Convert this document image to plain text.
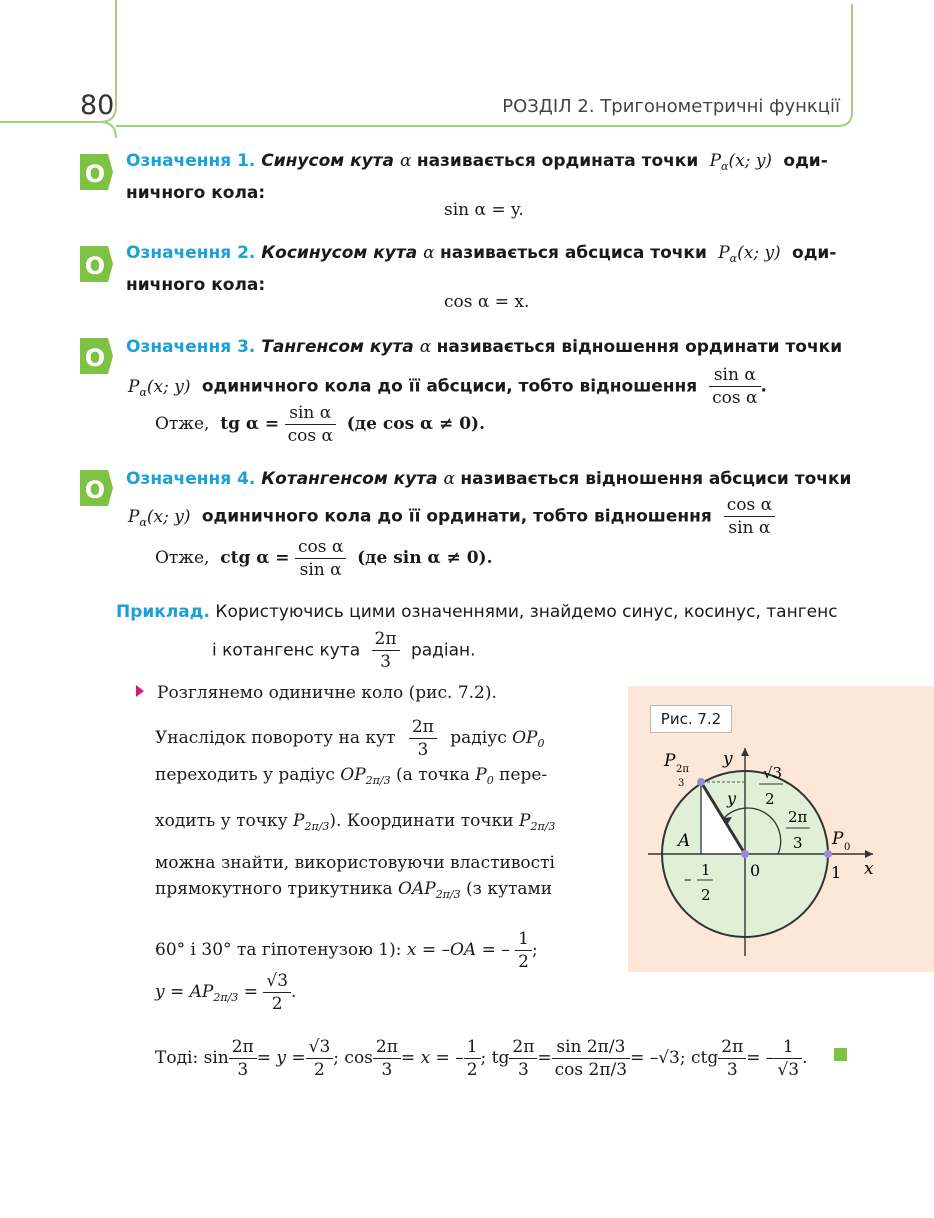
80	РОЗДІЛ 2. Тригонометричні функції
O
O
O
O
Означення 1. Синусом кута α називається ордината точки  $P_\alpha(x$; y)  оди-
ничного кола:
sin α = y.
Означення 2. Косинусом кута α називається абсциса точки  $P_\alpha(x$; y)  оди-
ничного кола:
cos α = x.
Означення 3. Тангенсом кута α називається відношення ординати точки
$P_\alpha(x$; y)  одиничного кола до її абсциси, тобто відношення $\frac{\text{sin α}}{\text{cos α}}$ .
Отже, tg $\alpha = \frac{\text{sin α}}{\text{cos α}} (де$ cos α ≠ 0).
Означення 4. Котангенсом кута α називається відношення абсциси точки
$P_\alpha(x$; y)  одиничного кола до її ординати, тобто відношення $\frac{\text{cos α}}{\text{sin α}}$
Отже, ctg $\alpha = \frac{\text{cos α}}{\text{sin α}} (де$ sin α ≠ 0).
Приклад. Користуючись цими означеннями, знайдемо синус, косинус, тангенс
і котангенс кута $\frac{2\pi}{3}$ радіан.
Розглянемо одиничне коло (рис. 7.2).
Унаслідок повороту на кут $\frac{2\pi}{3}$ радіус $OP_0$
переходить у радіус $OP_{2\pi/3}$ (а точка $P_0$ пере-
ходить у точку $P_{2\pi/3}$). Координати точки $P_{2\pi/3}$
можна знайти, використовуючи властивості
прямокутного трикутника $OAP_{2\pi/3}$ (з кутами
60° і 30° та гіпотенузою 1): x = –OA = – $\frac{1}{2}$ ;
$y = AP_{2\pi/3} = \frac{√3}{2}$ .
Тоді: $\sin \frac{2\pi}{3} = y = \frac{√3}{2}$ ; $\cos \frac{2\pi}{3} = x$ = – $\frac{1}{2}$ ; tg $\frac{2\pi}{3} = \frac{\sin 2\pi/3}{\cos 2\pi/3} = -√3$; ctg $\frac{2\pi}{3}$ = – $\frac{1}{√3}$ .
Рис. 7.2
P 2π
3
y
y
√3
2
2π
3 P 0
A
0	1 x
– 1
2
